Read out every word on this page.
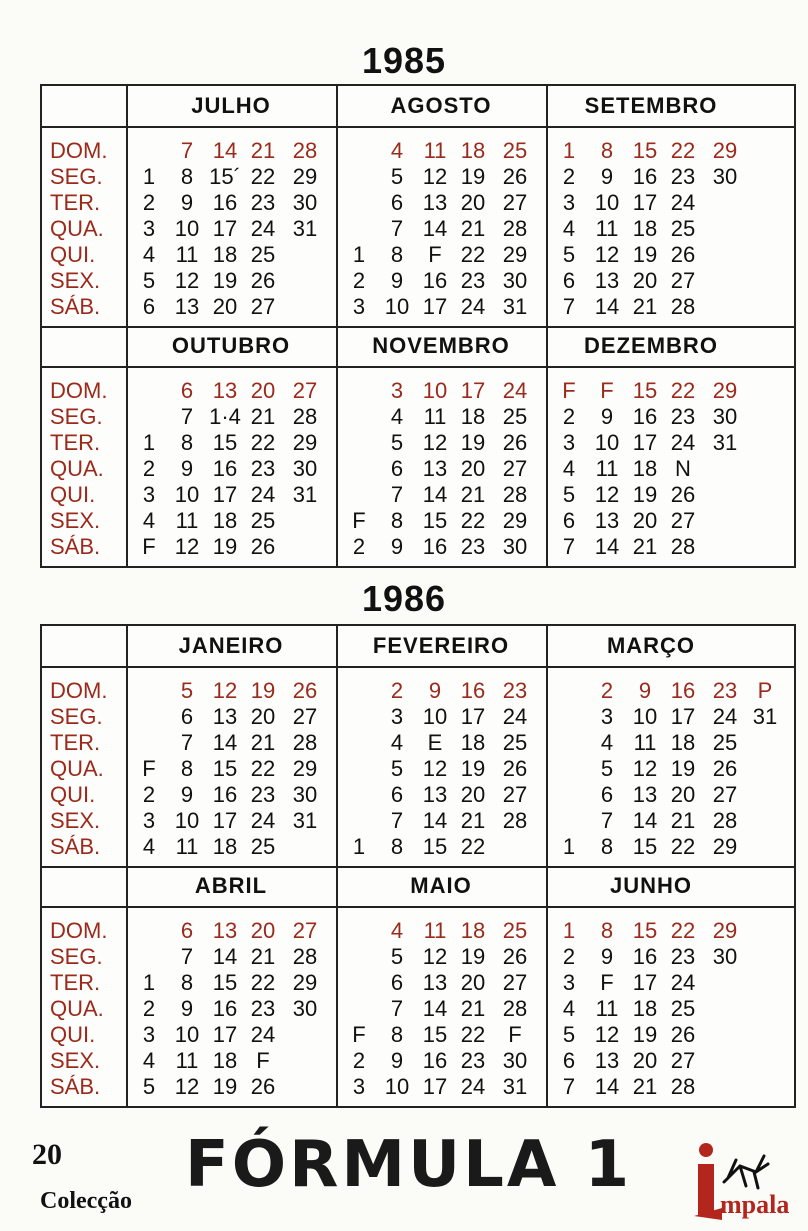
1985
DOM.
SEG.
TER.
QUA.
QUI.
SEX.
SÁB.
JULHO
1
2
3
4
5
6
7
8
9
10
11
12
13
14
15´
16
17
18
19
20
21
22
23
24
25
26
27
28
29
30
31
AGOSTO
1
2
3
4
5
6
7
8
9
10
11
12
13
14
F
16
17
18
19
20
21
22
23
24
25
26
27
28
29
30
31
SETEMBRO
1
2
3
4
5
6
7
8
9
10
11
12
13
14
15
16
17
18
19
20
21
22
23
24
25
26
27
28
29
30
DOM.
SEG.
TER.
QUA.
QUI.
SEX.
SÁB.
OUTUBRO
1
2
3
4
F
6
7
8
9
10
11
12
13
1·4
15
16
17
18
19
20
21
22
23
24
25
26
27
28
29
30
31
NOVEMBRO
F
2
3
4
5
6
7
8
9
10
11
12
13
14
15
16
17
18
19
20
21
22
23
24
25
26
27
28
29
30
DEZEMBRO
F
2
3
4
5
6
7
F
9
10
11
12
13
14
15
16
17
18
19
20
21
22
23
24
N
26
27
28
29
30
31
1986
DOM.
SEG.
TER.
QUA.
QUI.
SEX.
SÁB.
JANEIRO
F
2
3
4
5
6
7
8
9
10
11
12
13
14
15
16
17
18
19
20
21
22
23
24
25
26
27
28
29
30
31
FEVEREIRO
1
2
3
4
5
6
7
8
9
10
E
12
13
14
15
16
17
18
19
20
21
22
23
24
25
26
27
28
MARÇO
1
2
3
4
5
6
7
8
9
10
11
12
13
14
15
16
17
18
19
20
21
22
23
24
25
26
27
28
29
P
31
DOM.
SEG.
TER.
QUA.
QUI.
SEX.
SÁB.
ABRIL
1
2
3
4
5
6
7
8
9
10
11
12
13
14
15
16
17
18
19
20
21
22
23
24
F
26
27
28
29
30
MAIO
F
2
3
4
5
6
7
8
9
10
11
12
13
14
15
16
17
18
19
20
21
22
23
24
25
26
27
28
F
30
31
JUNHO
1
2
3
4
5
6
7
8
9
F
11
12
13
14
15
16
17
18
19
20
21
22
23
24
25
26
27
28
29
30
20
Colecção FÓRMULA 1
mpala
